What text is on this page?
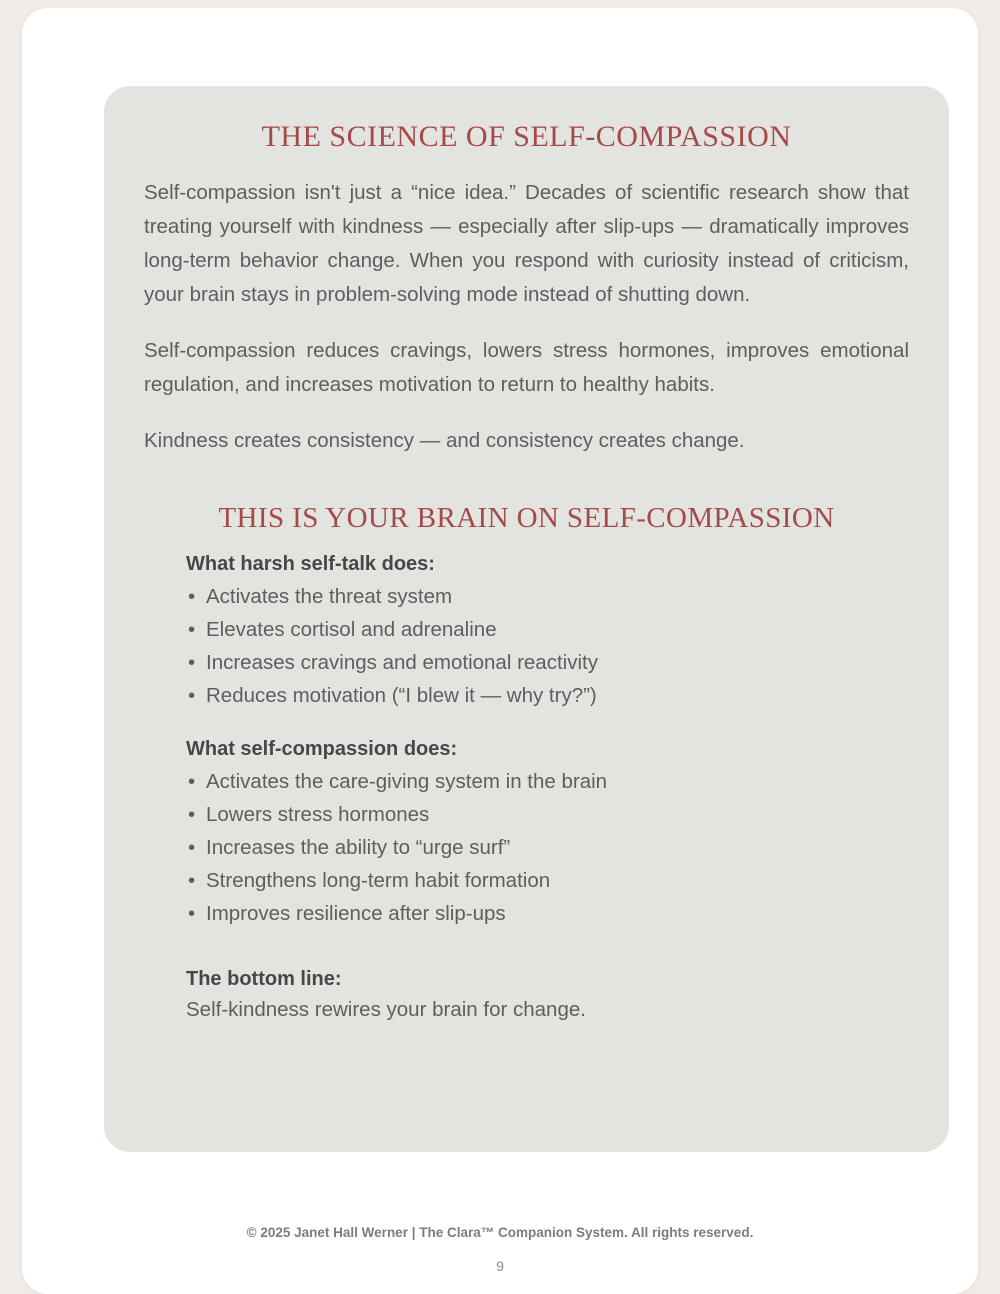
THE SCIENCE OF SELF-COMPASSION

Self-compassion isn't just a “nice idea.” Decades of scientific research show that treating yourself with kindness — especially after slip-ups — dramatically improves long-term behavior change. When you respond with curiosity instead of criticism, your brain stays in problem-solving mode instead of shutting down.

Self-compassion reduces cravings, lowers stress hormones, improves emotional regulation, and increases motivation to return to healthy habits.

Kindness creates consistency — and consistency creates change.

THIS IS YOUR BRAIN ON SELF-COMPASSION
What harsh self-talk does:
• Activates the threat system
• Elevates cortisol and adrenaline
• Increases cravings and emotional reactivity
• Reduces motivation (“I blew it — why try?”)
What self-compassion does:
• Activates the care-giving system in the brain
• Lowers stress hormones
• Increases the ability to “urge surf”
• Strengthens long-term habit formation
• Improves resilience after slip-ups
The bottom line:
Self-kindness rewires your brain for change.
© 2025 Janet Hall Werner | The Clara™ Companion System. All rights reserved.
9
